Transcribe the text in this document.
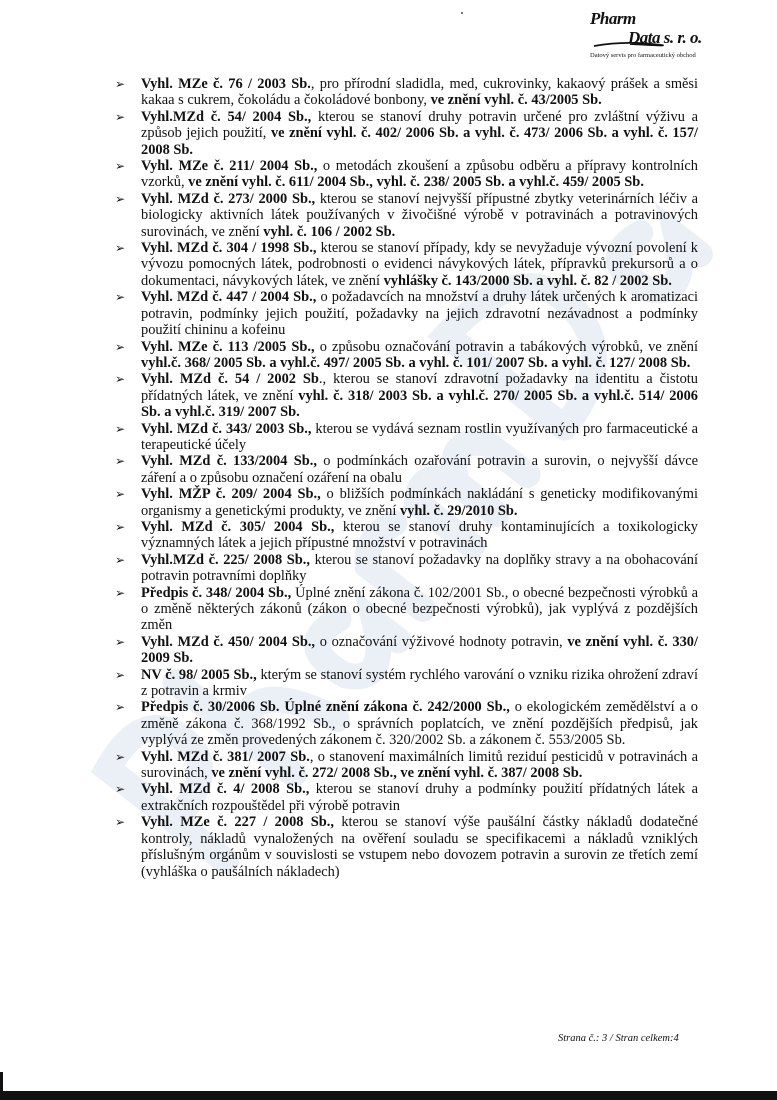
Pharm
Data s. r. o.
Datový servis pro farmaceutický obchod
➢ Vyhl. MZe č. 76 / 2003 Sb., pro přírodní sladidla, med, cukrovinky, kakaový prášek a směsi kakaa s cukrem, čokoládu a čokoládové bonbony, ve znění vyhl. č. 43/2005 Sb.
➢ Vyhl.MZd č. 54/ 2004 Sb., kterou se stanoví druhy potravin určené pro zvláštní výživu a způsob jejich použití, ve znění vyhl. č. 402/ 2006 Sb. a vyhl. č. 473/ 2006 Sb. a vyhl. č. 157/ 2008 Sb.
➢ Vyhl. MZe č. 211/ 2004 Sb., o metodách zkoušení a způsobu odběru a přípravy kontrolních vzorků, ve znění vyhl. č. 611/ 2004 Sb., vyhl. č. 238/ 2005 Sb. a vyhl.č. 459/ 2005 Sb.
➢ Vyhl. MZd č. 273/ 2000 Sb., kterou se stanoví nejvyšší přípustné zbytky veterinárních léčiv a biologicky aktivních látek používaných v živočišné výrobě v potravinách a potravinových surovinách, ve znění vyhl. č. 106 / 2002 Sb.
➢ Vyhl. MZd č. 304 / 1998 Sb., kterou se stanoví případy, kdy se nevyžaduje vývozní povolení k vývozu pomocných látek, podrobnosti o evidenci návykových látek, přípravků prekursorů a o dokumentaci, návykových látek, ve znění vyhlášky č. 143/2000 Sb. a vyhl. č. 82 / 2002 Sb.
➢ Vyhl. MZd č. 447 / 2004 Sb., o požadavcích na množství a druhy látek určených k aromatizaci potravin, podmínky jejich použití, požadavky na jejich zdravotní nezávadnost a podmínky použití chininu a kofeinu
➢ Vyhl. MZe č. 113 /2005 Sb., o způsobu označování potravin a tabákových výrobků, ve znění vyhl.č. 368/ 2005 Sb. a vyhl.č. 497/ 2005 Sb. a vyhl. č. 101/ 2007 Sb. a vyhl. č. 127/ 2008 Sb.
➢ Vyhl. MZd č. 54 / 2002 Sb., kterou se stanoví zdravotní požadavky na identitu a čistotu přídatných látek, ve znění vyhl. č. 318/ 2003 Sb. a vyhl.č. 270/ 2005 Sb. a vyhl.č. 514/ 2006 Sb. a vyhl.č. 319/ 2007 Sb.
➢ Vyhl. MZd č. 343/ 2003 Sb., kterou se vydává seznam rostlin využívaných pro farmaceutické a terapeutické účely
➢ Vyhl. MZd č. 133/2004 Sb., o podmínkách ozařování potravin a surovin, o nejvyšší dávce záření a o způsobu označení ozáření na obalu
➢ Vyhl. MŽP č. 209/ 2004 Sb., o bližších podmínkách nakládání s geneticky modifikovanými organismy a genetickými produkty, ve znění vyhl. č. 29/2010 Sb.
➢ Vyhl. MZd č. 305/ 2004 Sb., kterou se stanoví druhy kontaminujících a toxikologicky významných látek a jejich přípustné množství v potravinách
➢ Vyhl.MZd č. 225/ 2008 Sb., kterou se stanoví požadavky na doplňky stravy a na obohacování potravin potravními doplňky
➢ Předpis č. 348/ 2004 Sb., Úplné znění zákona č. 102/2001 Sb., o obecné bezpečnosti výrobků a o změně některých zákonů (zákon o obecné bezpečnosti výrobků), jak vyplývá z pozdějších změn
➢ Vyhl. MZd č. 450/ 2004 Sb., o označování výživové hodnoty potravin, ve znění vyhl. č. 330/ 2009 Sb.
➢ NV č. 98/ 2005 Sb., kterým se stanoví systém rychlého varování o vzniku rizika ohrožení zdraví z potravin a krmiv
➢ Předpis č. 30/2006 Sb. Úplné znění zákona č. 242/2000 Sb., o ekologickém zemědělství a o změně zákona č. 368/1992 Sb., o správních poplatcích, ve znění pozdějších předpisů, jak vyplývá ze změn provedených zákonem č. 320/2002 Sb. a zákonem č. 553/2005 Sb.
➢ Vyhl. MZd č. 381/ 2007 Sb., o stanovení maximálních limitů reziduí pesticidů v potravinách a surovinách, ve znění vyhl. č. 272/ 2008 Sb., ve znění vyhl. č. 387/ 2008 Sb.
➢ Vyhl. MZd č. 4/ 2008 Sb., kterou se stanoví druhy a podmínky použití přídatných látek a extrakčních rozpouštědel při výrobě potravin
➢ Vyhl. MZe č. 227 / 2008 Sb., kterou se stanoví výše paušální částky nákladů dodatečné kontroly, nákladů vynaložených na ověření souladu se specifikacemi a nákladů vzniklých příslušným orgánům v souvislosti se vstupem nebo dovozem potravin a surovin ze třetích zemí (vyhláška o paušálních nákladech)
Strana č.: 3 / Stran celkem:4
